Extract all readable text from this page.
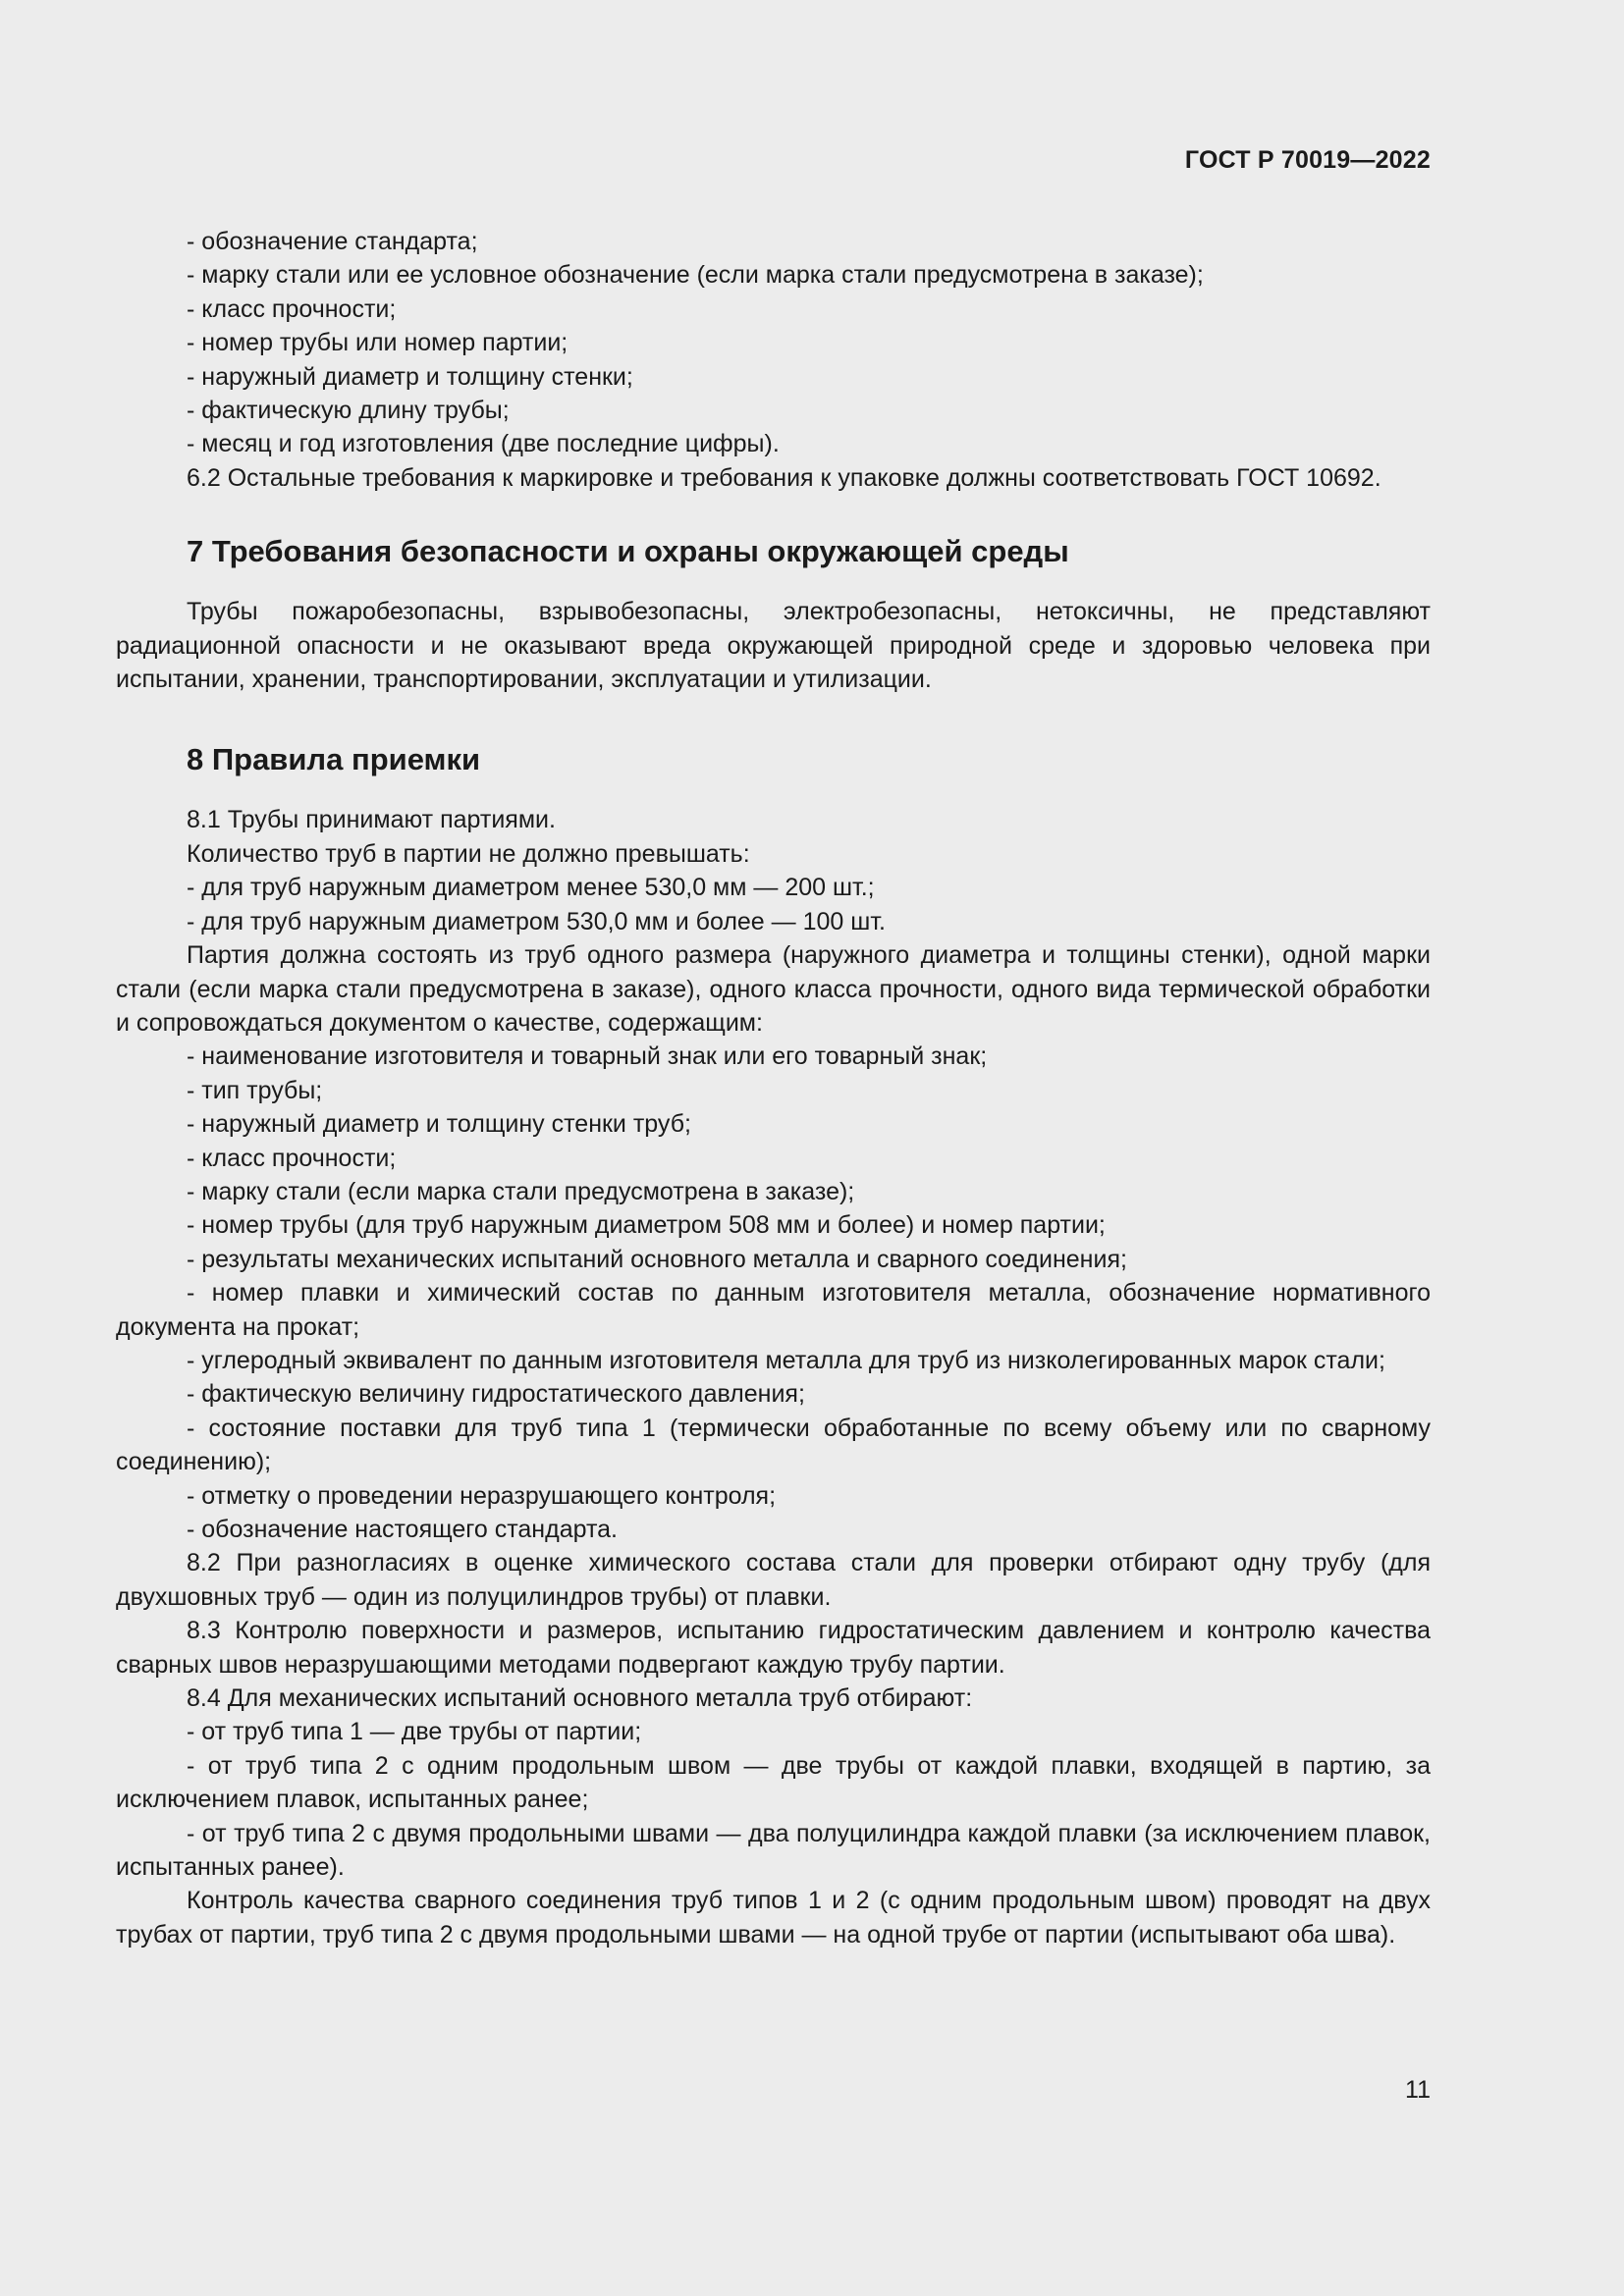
ГОСТ Р 70019—2022

- обозначение стандарта;

- марку стали или ее условное обозначение (если марка стали предусмотрена в заказе);

- класс прочности;

- номер трубы или номер партии;

- наружный диаметр и толщину стенки;

- фактическую длину трубы;

- месяц и год изготовления (две последние цифры).

6.2 Остальные требования к маркировке и требования к упаковке должны соответствовать ГОСТ 10692.

7 Требования безопасности и охраны окружающей среды

Трубы пожаробезопасны, взрывобезопасны, электробезопасны, нетоксичны, не представляют радиационной опасности и не оказывают вреда окружающей природной среде и здоровью человека при испытании, хранении, транспортировании, эксплуатации и утилизации.

8 Правила приемки

8.1 Трубы принимают партиями.

Количество труб в партии не должно превышать:

- для труб наружным диаметром менее 530,0 мм — 200 шт.;

- для труб наружным диаметром 530,0 мм и более — 100 шт.

Партия должна состоять из труб одного размера (наружного диаметра и толщины стенки), одной марки стали (если марка стали предусмотрена в заказе), одного класса прочности, одного вида термической обработки и сопровождаться документом о качестве, содержащим:

- наименование изготовителя и товарный знак или его товарный знак;

- тип трубы;

- наружный диаметр и толщину стенки труб;

- класс прочности;

- марку стали (если марка стали предусмотрена в заказе);

- номер трубы (для труб наружным диаметром 508 мм и более) и номер партии;

- результаты механических испытаний основного металла и сварного соединения;

- номер плавки и химический состав по данным изготовителя металла, обозначение нормативного документа на прокат;

- углеродный эквивалент по данным изготовителя металла для труб из низколегированных марок стали;

- фактическую величину гидростатического давления;

- состояние поставки для труб типа 1 (термически обработанные по всему объему или по сварному соединению);

- отметку о проведении неразрушающего контроля;

- обозначение настоящего стандарта.

8.2 При разногласиях в оценке химического состава стали для проверки отбирают одну трубу (для двухшовных труб — один из полуцилиндров трубы) от плавки.

8.3 Контролю поверхности и размеров, испытанию гидростатическим давлением и контролю качества сварных швов неразрушающими методами подвергают каждую трубу партии.

8.4 Для механических испытаний основного металла труб отбирают:

- от труб типа 1 — две трубы от партии;

- от труб типа 2 с одним продольным швом — две трубы от каждой плавки, входящей в партию, за исключением плавок, испытанных ранее;

- от труб типа 2 с двумя продольными швами — два полуцилиндра каждой плавки (за исключением плавок, испытанных ранее).

Контроль качества сварного соединения труб типов 1 и 2 (с одним продольным швом) проводят на двух трубах от партии, труб типа 2 с двумя продольными швами — на одной трубе от партии (испытывают оба шва).

11
